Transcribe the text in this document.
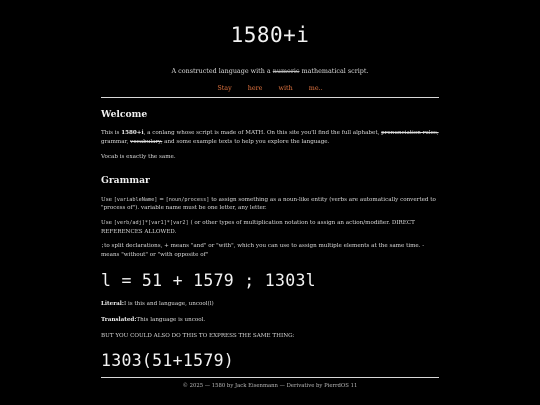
1580+i
A constructed language with a numeric mathematical script.
Stay	here	with	me..
Welcome

This is 1580+i, a conlang whose script is made of MATH. On this site you'll find the full alphabet, pronunciation rules, grammar, vocabulary, and some example texts to help you explore the language.

Vocab is exactly the same.

Grammar

Use [variableName] = [noun/process] to assign something as a noun-like entity (verbs are automatically converted to "process of"). variable name must be one letter, any letter.

Use [verb/adj]*[var1]*[var2] ( or other types of multiplication notation to assign an action/modifier. DIRECT REFERENCES ALLOWED.

;to split declarations, + means "and" or "with", which you can use to assign multiple elements at the same time. - means "without" or "with opposite of"

l = 51 + 1579 ; 1303l

Literal:I is this and language, uncool(l)

Translated:This language is uncool.

BUT YOU COULD ALSO DO THIS TO EXPRESS THE SAME THING:

1303(51+1579)
© 2025 — 1580 by Jack Eisenmann — Derivative by PierrdOS 11
